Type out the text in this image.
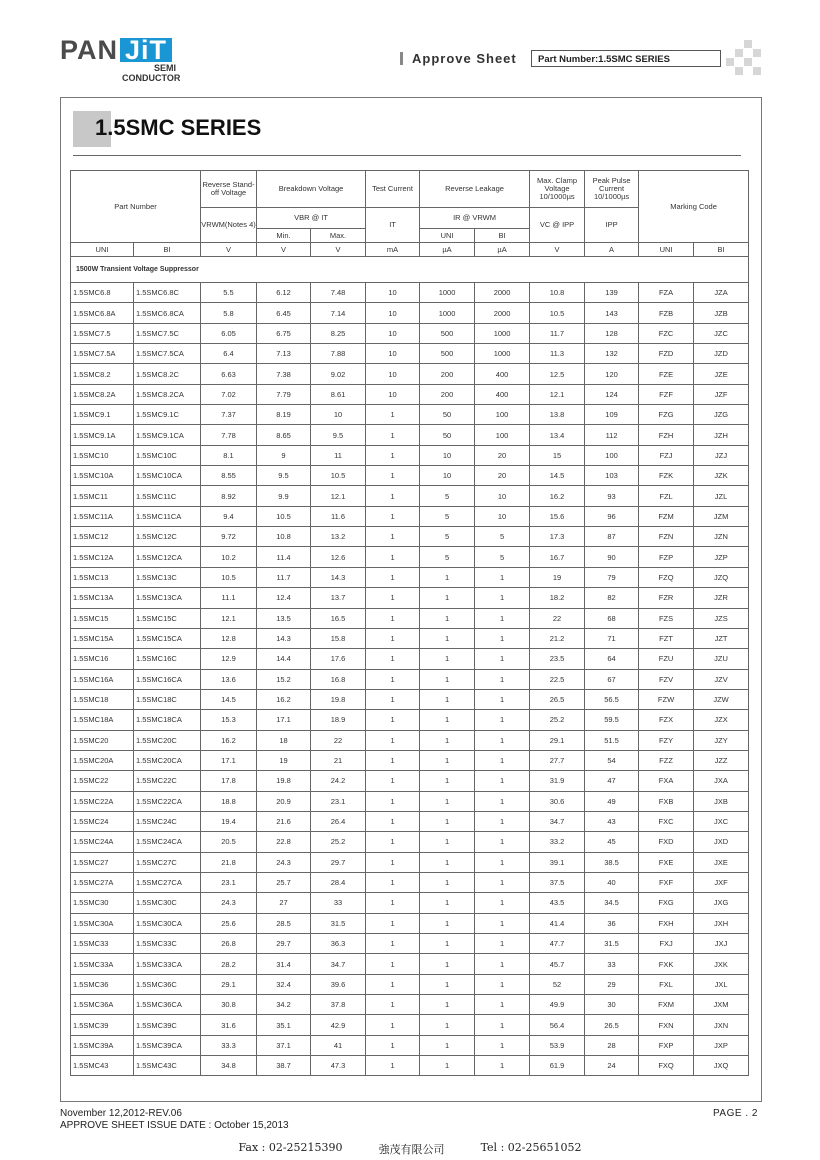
PAN JiT
SEMI
CONDUCTOR
Approve Sheet	Part Number:1.5SMC SERIES
1.5SMC SERIES
Part Number		Reverse Stand-off Voltage	Breakdown Voltage		Test Current	Reverse Leakage		Max. Clamp Voltage 10/1000µs	Peak Pulse Current 10/1000µs	Marking Code	
		VRWM(Notes 4)	VBR @ IT		IT	IR @ VRWM		VC @ IPP	IPP		
			Min.	Max.		UNI	BI				
UNI	BI	V	V	V	mA	µA	µA	V	A	UNI	BI
1500W Transient Voltage Suppressor											
1.5SMC6.8	1.5SMC6.8C	5.5	6.12	7.48	10	1000	2000	10.8	139	FZA	JZA
1.5SMC6.8A	1.5SMC6.8CA	5.8	6.45	7.14	10	1000	2000	10.5	143	FZB	JZB
1.5SMC7.5	1.5SMC7.5C	6.05	6.75	8.25	10	500	1000	11.7	128	FZC	JZC
1.5SMC7.5A	1.5SMC7.5CA	6.4	7.13	7.88	10	500	1000	11.3	132	FZD	JZD
1.5SMC8.2	1.5SMC8.2C	6.63	7.38	9.02	10	200	400	12.5	120	FZE	JZE
1.5SMC8.2A	1.5SMC8.2CA	7.02	7.79	8.61	10	200	400	12.1	124	FZF	JZF
1.5SMC9.1	1.5SMC9.1C	7.37	8.19	10	1	50	100	13.8	109	FZG	JZG
1.5SMC9.1A	1.5SMC9.1CA	7.78	8.65	9.5	1	50	100	13.4	112	FZH	JZH
1.5SMC10	1.5SMC10C	8.1	9	11	1	10	20	15	100	FZJ	JZJ
1.5SMC10A	1.5SMC10CA	8.55	9.5	10.5	1	10	20	14.5	103	FZK	JZK
1.5SMC11	1.5SMC11C	8.92	9.9	12.1	1	5	10	16.2	93	FZL	JZL
1.5SMC11A	1.5SMC11CA	9.4	10.5	11.6	1	5	10	15.6	96	FZM	JZM
1.5SMC12	1.5SMC12C	9.72	10.8	13.2	1	5	5	17.3	87	FZN	JZN
1.5SMC12A	1.5SMC12CA	10.2	11.4	12.6	1	5	5	16.7	90	FZP	JZP
1.5SMC13	1.5SMC13C	10.5	11.7	14.3	1	1	1	19	79	FZQ	JZQ
1.5SMC13A	1.5SMC13CA	11.1	12.4	13.7	1	1	1	18.2	82	FZR	JZR
1.5SMC15	1.5SMC15C	12.1	13.5	16.5	1	1	1	22	68	FZS	JZS
1.5SMC15A	1.5SMC15CA	12.8	14.3	15.8	1	1	1	21.2	71	FZT	JZT
1.5SMC16	1.5SMC16C	12.9	14.4	17.6	1	1	1	23.5	64	FZU	JZU
1.5SMC16A	1.5SMC16CA	13.6	15.2	16.8	1	1	1	22.5	67	FZV	JZV
1.5SMC18	1.5SMC18C	14.5	16.2	19.8	1	1	1	26.5	56.5	FZW	JZW
1.5SMC18A	1.5SMC18CA	15.3	17.1	18.9	1	1	1	25.2	59.5	FZX	JZX
1.5SMC20	1.5SMC20C	16.2	18	22	1	1	1	29.1	51.5	FZY	JZY
1.5SMC20A	1.5SMC20CA	17.1	19	21	1	1	1	27.7	54	FZZ	JZZ
1.5SMC22	1.5SMC22C	17.8	19.8	24.2	1	1	1	31.9	47	FXA	JXA
1.5SMC22A	1.5SMC22CA	18.8	20.9	23.1	1	1	1	30.6	49	FXB	JXB
1.5SMC24	1.5SMC24C	19.4	21.6	26.4	1	1	1	34.7	43	FXC	JXC
1.5SMC24A	1.5SMC24CA	20.5	22.8	25.2	1	1	1	33.2	45	FXD	JXD
1.5SMC27	1.5SMC27C	21.8	24.3	29.7	1	1	1	39.1	38.5	FXE	JXE
1.5SMC27A	1.5SMC27CA	23.1	25.7	28.4	1	1	1	37.5	40	FXF	JXF
1.5SMC30	1.5SMC30C	24.3	27	33	1	1	1	43.5	34.5	FXG	JXG
1.5SMC30A	1.5SMC30CA	25.6	28.5	31.5	1	1	1	41.4	36	FXH	JXH
1.5SMC33	1.5SMC33C	26.8	29.7	36.3	1	1	1	47.7	31.5	FXJ	JXJ
1.5SMC33A	1.5SMC33CA	28.2	31.4	34.7	1	1	1	45.7	33	FXK	JXK
1.5SMC36	1.5SMC36C	29.1	32.4	39.6	1	1	1	52	29	FXL	JXL
1.5SMC36A	1.5SMC36CA	30.8	34.2	37.8	1	1	1	49.9	30	FXM	JXM
1.5SMC39	1.5SMC39C	31.6	35.1	42.9	1	1	1	56.4	26.5	FXN	JXN
1.5SMC39A	1.5SMC39CA	33.3	37.1	41	1	1	1	53.9	28	FXP	JXP
1.5SMC43	1.5SMC43C	34.8	38.7	47.3	1	1	1	61.9	24	FXQ	JXQ
November 12,2012-REV.06
APPROVE SHEET ISSUE DATE : October 15,2013
PAGE . 2
Fax : 02-25215390	強茂有限公司	Tel : 02-25651052
